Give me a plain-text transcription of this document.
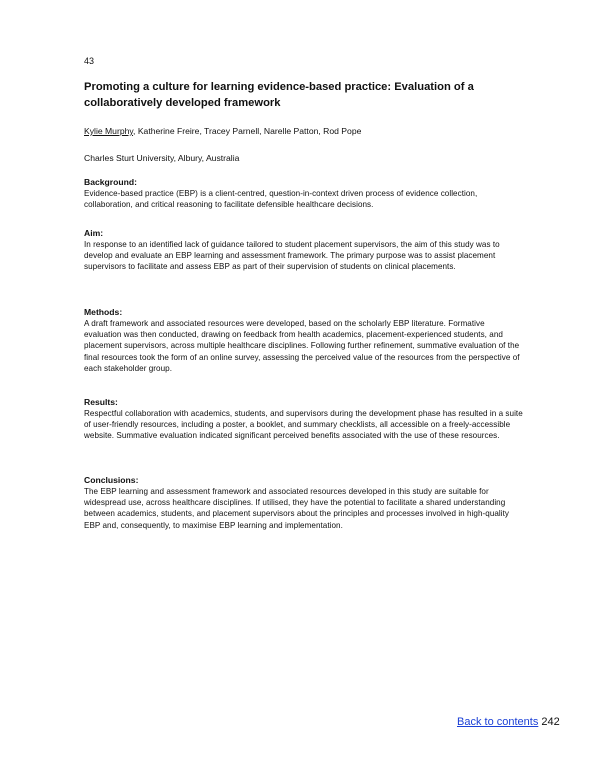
43
Promoting a culture for learning evidence-based practice: Evaluation of a collaboratively developed framework
Kylie Murphy, Katherine Freire, Tracey Parnell, Narelle Patton, Rod Pope
Charles Sturt University, Albury, Australia

Background:

Evidence-based practice (EBP) is a client-centred, question-in-context driven process of evidence collection, collaboration, and critical reasoning to facilitate defensible healthcare decisions.

Aim:

In response to an identified lack of guidance tailored to student placement supervisors, the aim of this study was to develop and evaluate an EBP learning and assessment framework. The primary purpose was to assist placement supervisors to facilitate and assess EBP as part of their supervision of students on clinical placements.

Methods:

A draft framework and associated resources were developed, based on the scholarly EBP literature. Formative evaluation was then conducted, drawing on feedback from health academics, placement-experienced students, and placement supervisors, across multiple healthcare disciplines. Following further refinement, summative evaluation of the final resources took the form of an online survey, assessing the perceived value of the resources from the perspective of each stakeholder group.

Results:

Respectful collaboration with academics, students, and supervisors during the development phase has resulted in a suite of user-friendly resources, including a poster, a booklet, and summary checklists, all accessible on a freely-accessible website. Summative evaluation indicated significant perceived benefits associated with the use of these resources.

Conclusions:

The EBP learning and assessment framework and associated resources developed in this study are suitable for widespread use, across healthcare disciplines. If utilised, they have the potential to facilitate a shared understanding between academics, students, and placement supervisors about the principles and processes involved in high-quality EBP and, consequently, to maximise EBP learning and implementation.

Back to contents 242
